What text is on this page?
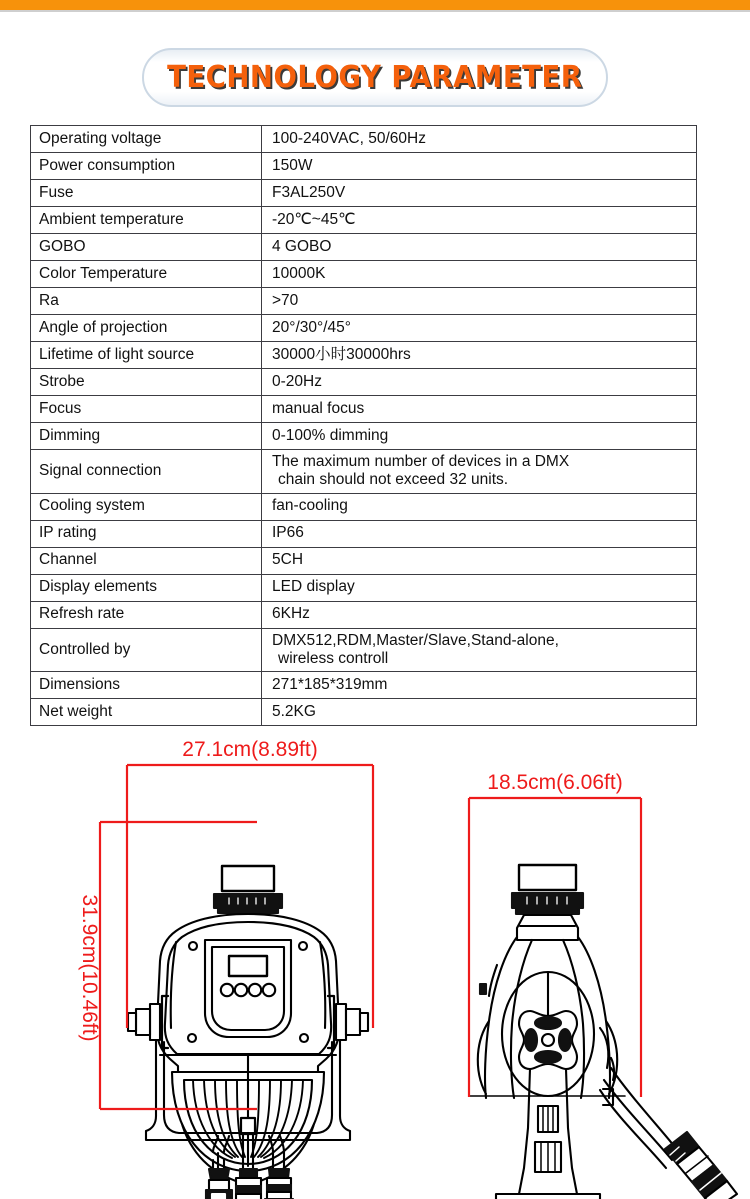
TECHNOLOGY PARAMETER
Operating voltage	100-240VAC, 50/60Hz
Power consumption	150W
Fuse	F3AL250V
Ambient temperature	-20℃~45℃
GOBO	4 GOBO
Color Temperature	10000K
Ra	>70
Angle of projection	20°/30°/45°
Lifetime of light source	30000小时30000hrs
Strobe	0-20Hz
Focus	manual focus
Dimming	0-100% dimming
Signal connection	The maximum number of devices in a DMX
chain should not exceed 32 units.

Cooling system	fan-cooling
IP rating	IP66
Channel	5CH
Display elements	LED display
Refresh rate	6KHz
Controlled by	DMX512,RDM,Master/Slave,Stand-alone,
wireless controll

Dimensions	271*185*319mm
Net weight	5.2KG
27.1cm(8.89ft)
31.9cm(10.46ft)
18.5cm(6.06ft)
